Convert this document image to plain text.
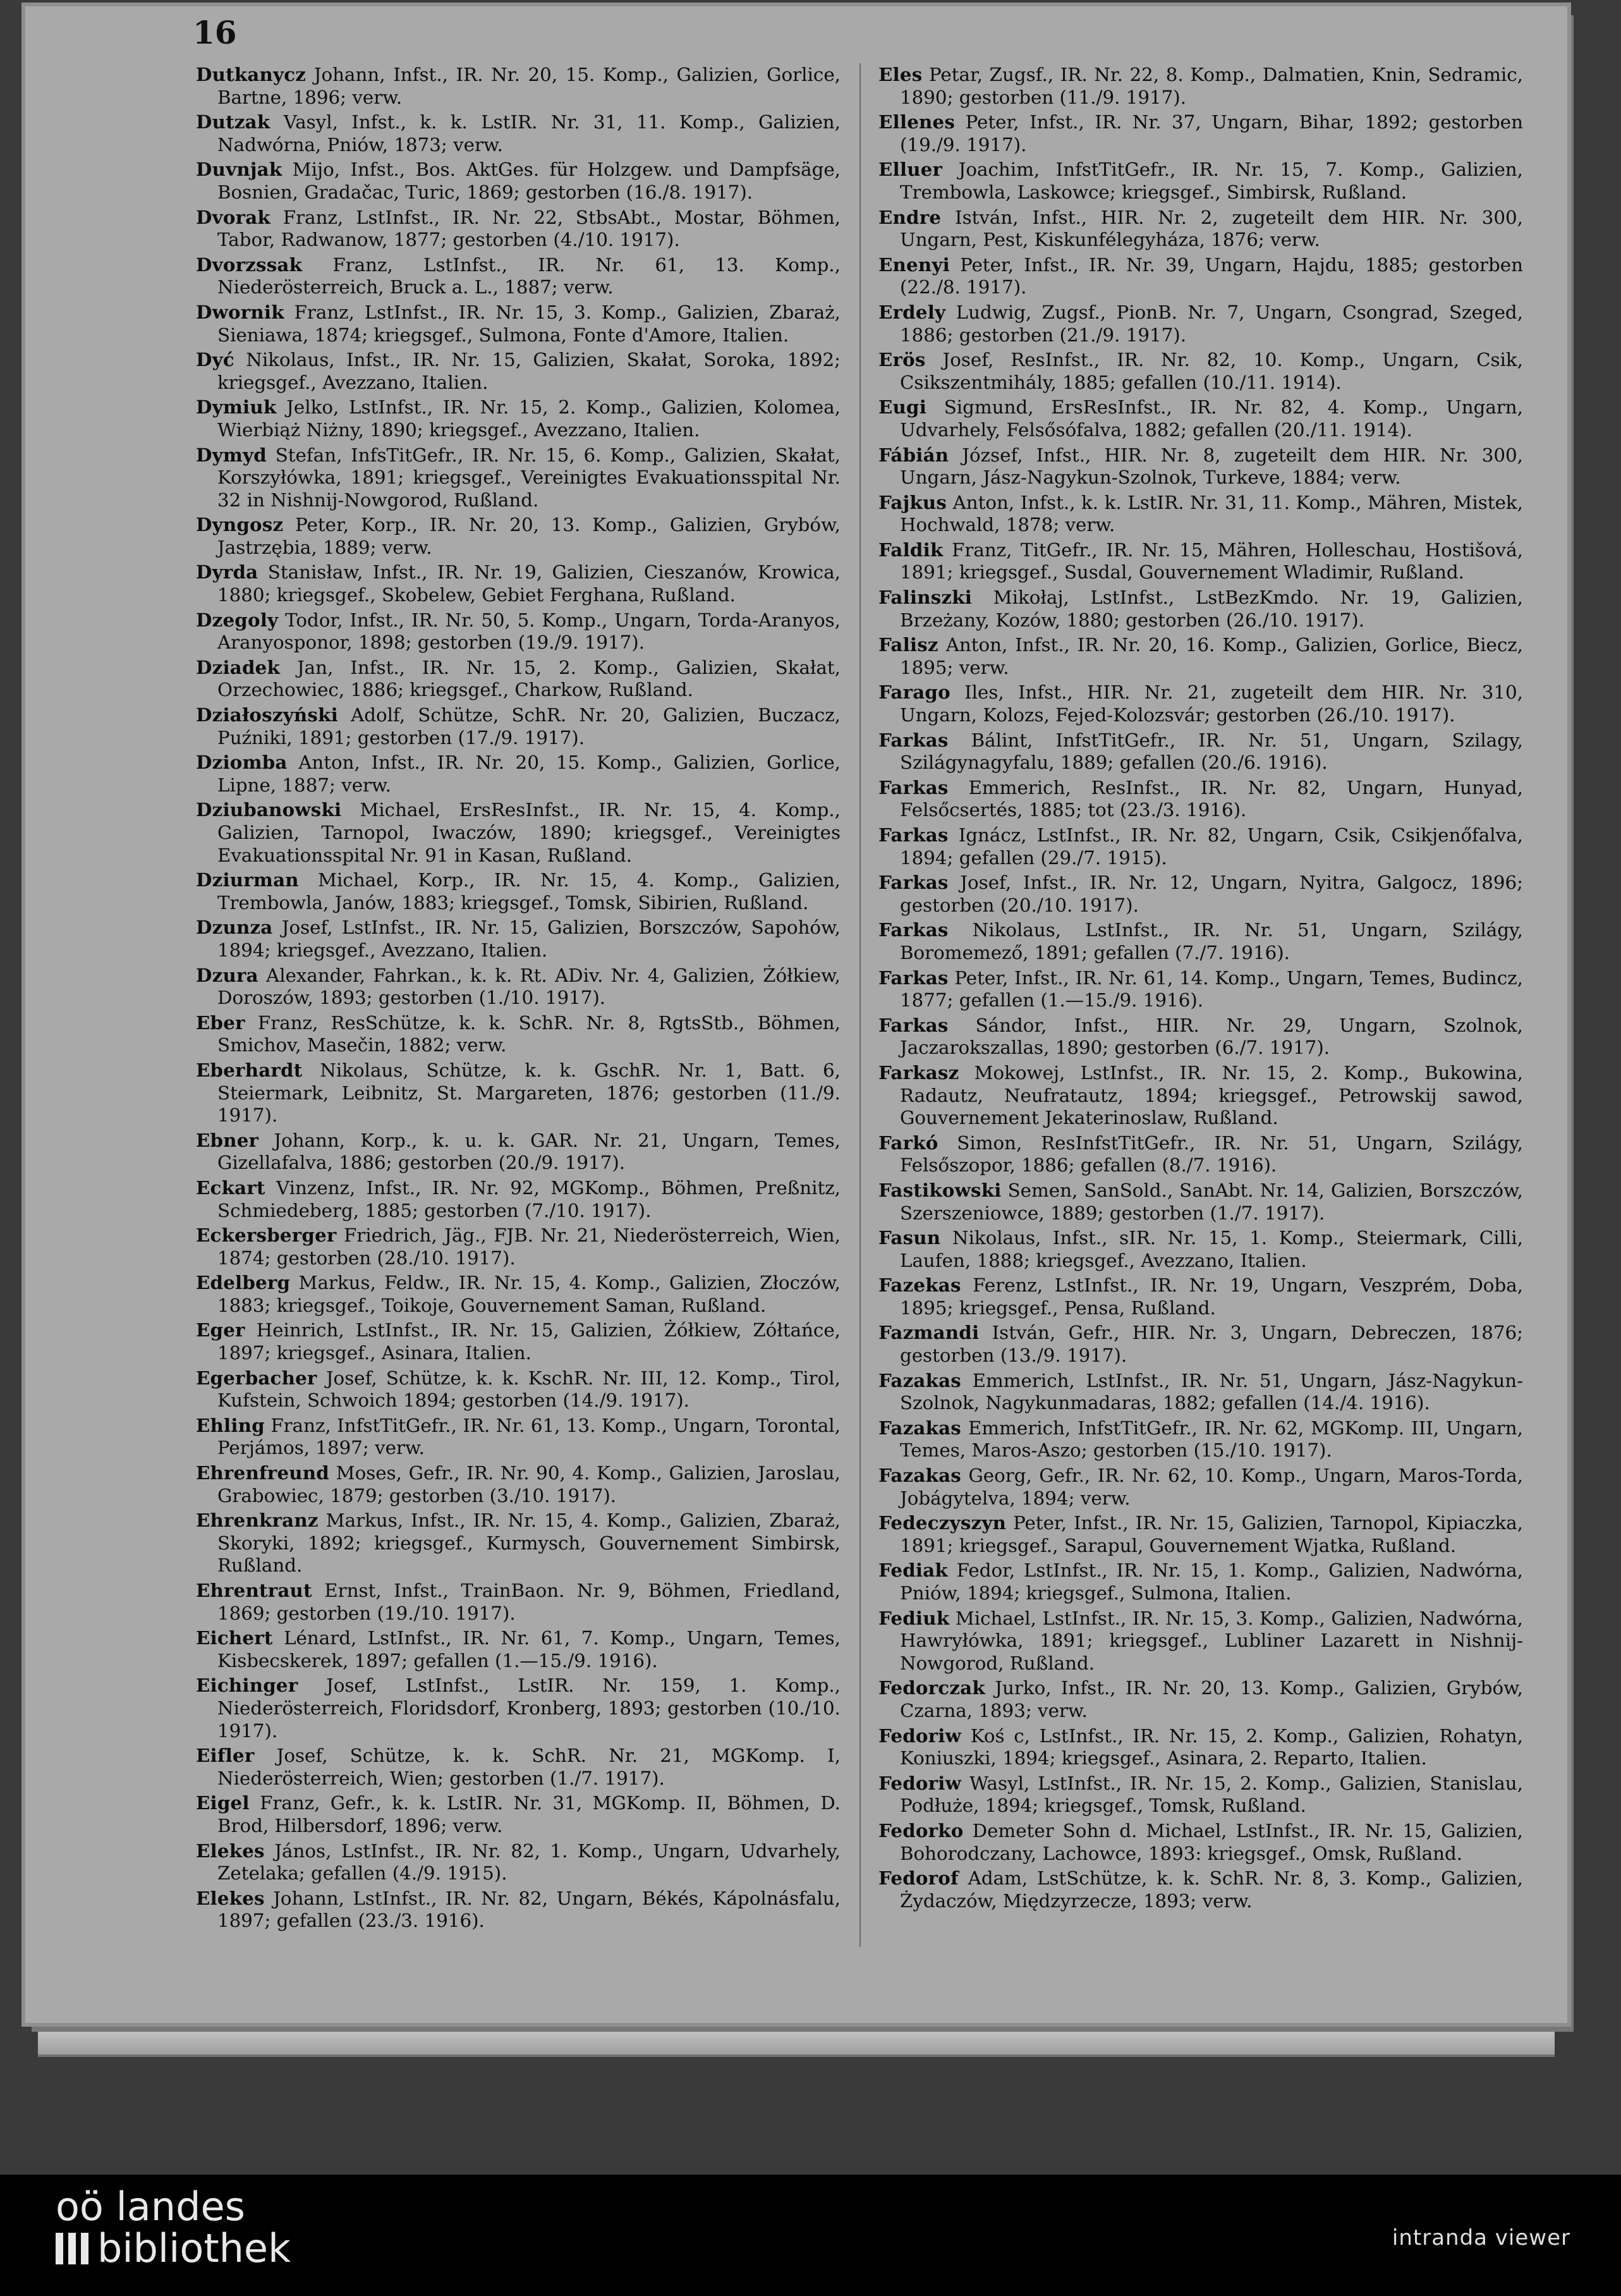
16
Dutkanycz Johann, Infst., IR. Nr. 20, 15. Komp., Galizien, Gorlice, Bartne, 1896; verw.
Dutzak Vasyl, Infst., k. k. LstIR. Nr. 31, 11. Komp., Galizien, Nadwórna, Pniów, 1873; verw.
Duvnjak Mijo, Infst., Bos. AktGes. für Holzgew. und Dampfsäge, Bosnien, Gradačac, Turic, 1869; gestorben (16./8. 1917).
Dvorak Franz, LstInfst., IR. Nr. 22, StbsAbt., Mostar, Böhmen, Tabor, Radwanow, 1877; gestorben (4./10. 1917).
Dvorzssak Franz, LstInfst., IR. Nr. 61, 13. Komp., Niederösterreich, Bruck a. L., 1887; verw.
Dwornik Franz, LstInfst., IR. Nr. 15, 3. Komp., Galizien, Zbaraż, Sieniawa, 1874; kriegsgef., Sulmona, Fonte d'Amore, Italien.
Dyć Nikolaus, Infst., IR. Nr. 15, Galizien, Skałat, Soroka, 1892; kriegsgef., Avezzano, Italien.
Dymiuk Jelko, LstInfst., IR. Nr. 15, 2. Komp., Galizien, Kolomea, Wierbiąż Niżny, 1890; kriegsgef., Avezzano, Italien.
Dymyd Stefan, InfsTitGefr., IR. Nr. 15, 6. Komp., Galizien, Skałat, Korszyłówka, 1891; kriegsgef., Vereinigtes Evakuationsspital Nr. 32 in Nishnij-Nowgorod, Rußland.
Dyngosz Peter, Korp., IR. Nr. 20, 13. Komp., Galizien, Grybów, Jastrzębia, 1889; verw.
Dyrda Stanisław, Infst., IR. Nr. 19, Galizien, Cieszanów, Krowica, 1880; kriegsgef., Skobelew, Gebiet Ferghana, Rußland.
Dzegoly Todor, Infst., IR. Nr. 50, 5. Komp., Ungarn, Torda-Aranyos, Aranyosponor, 1898; gestorben (19./9. 1917).
Dziadek Jan, Infst., IR. Nr. 15, 2. Komp., Galizien, Skałat, Orzechowiec, 1886; kriegsgef., Charkow, Rußland.
Działoszyński Adolf, Schütze, SchR. Nr. 20, Galizien, Buczacz, Puźniki, 1891; gestorben (17./9. 1917).
Dziomba Anton, Infst., IR. Nr. 20, 15. Komp., Galizien, Gorlice, Lipne, 1887; verw.
Dziubanowski Michael, ErsResInfst., IR. Nr. 15, 4. Komp., Galizien, Tarnopol, Iwaczów, 1890; kriegsgef., Vereinigtes Evakuationsspital Nr. 91 in Kasan, Rußland.
Dziurman Michael, Korp., IR. Nr. 15, 4. Komp., Galizien, Trembowla, Janów, 1883; kriegsgef., Tomsk, Sibirien, Rußland.
Dzunza Josef, LstInfst., IR. Nr. 15, Galizien, Borszczów, Sapohów, 1894; kriegsgef., Avezzano, Italien.
Dzura Alexander, Fahrkan., k. k. Rt. ADiv. Nr. 4, Galizien, Żółkiew, Doroszów, 1893; gestorben (1./10. 1917).
Eber Franz, ResSchütze, k. k. SchR. Nr. 8, RgtsStb., Böhmen, Smichov, Masečin, 1882; verw.
Eberhardt Nikolaus, Schütze, k. k. GschR. Nr. 1, Batt. 6, Steiermark, Leibnitz, St. Margareten, 1876; gestorben (11./9. 1917).
Ebner Johann, Korp., k. u. k. GAR. Nr. 21, Ungarn, Temes, Gizellafalva, 1886; gestorben (20./9. 1917).
Eckart Vinzenz, Infst., IR. Nr. 92, MGKomp., Böhmen, Preßnitz, Schmiedeberg, 1885; gestorben (7./10. 1917).
Eckersberger Friedrich, Jäg., FJB. Nr. 21, Niederösterreich, Wien, 1874; gestorben (28./10. 1917).
Edelberg Markus, Feldw., IR. Nr. 15, 4. Komp., Galizien, Złoczów, 1883; kriegsgef., Toikoje, Gouvernement Saman, Rußland.
Eger Heinrich, LstInfst., IR. Nr. 15, Galizien, Żółkiew, Zółtańce, 1897; kriegsgef., Asinara, Italien.
Egerbacher Josef, Schütze, k. k. KschR. Nr. III, 12. Komp., Tirol, Kufstein, Schwoich 1894; gestorben (14./9. 1917).
Ehling Franz, InfstTitGefr., IR. Nr. 61, 13. Komp., Ungarn, Torontal, Perjámos, 1897; verw.
Ehrenfreund Moses, Gefr., IR. Nr. 90, 4. Komp., Galizien, Jaroslau, Grabowiec, 1879; gestorben (3./10. 1917).
Ehrenkranz Markus, Infst., IR. Nr. 15, 4. Komp., Galizien, Zbaraż, Skoryki, 1892; kriegsgef., Kurmysch, Gouvernement Simbirsk, Rußland.
Ehrentraut Ernst, Infst., TrainBaon. Nr. 9, Böhmen, Friedland, 1869; gestorben (19./10. 1917).
Eichert Lénard, LstInfst., IR. Nr. 61, 7. Komp., Ungarn, Temes, Kisbecskerek, 1897; gefallen (1.—15./9. 1916).
Eichinger Josef, LstInfst., LstIR. Nr. 159, 1. Komp., Niederösterreich, Floridsdorf, Kronberg, 1893; gestorben (10./10. 1917).
Eifler Josef, Schütze, k. k. SchR. Nr. 21, MGKomp. I, Niederösterreich, Wien; gestorben (1./7. 1917).
Eigel Franz, Gefr., k. k. LstIR. Nr. 31, MGKomp. II, Böhmen, D. Brod, Hilbersdorf, 1896; verw.
Elekes János, LstInfst., IR. Nr. 82, 1. Komp., Ungarn, Udvarhely, Zetelaka; gefallen (4./9. 1915).
Elekes Johann, LstInfst., IR. Nr. 82, Ungarn, Békés, Kápolnásfalu, 1897; gefallen (23./3. 1916).
Eles Petar, Zugsf., IR. Nr. 22, 8. Komp., Dalmatien, Knin, Sedramic, 1890; gestorben (11./9. 1917).
Ellenes Peter, Infst., IR. Nr. 37, Ungarn, Bihar, 1892; gestorben (19./9. 1917).
Elluer Joachim, InfstTitGefr., IR. Nr. 15, 7. Komp., Galizien, Trembowla, Laskowce; kriegsgef., Simbirsk, Rußland.
Endre István, Infst., HIR. Nr. 2, zugeteilt dem HIR. Nr. 300, Ungarn, Pest, Kiskunfélegyháza, 1876; verw.
Enenyi Peter, Infst., IR. Nr. 39, Ungarn, Hajdu, 1885; gestorben (22./8. 1917).
Erdely Ludwig, Zugsf., PionB. Nr. 7, Ungarn, Csongrad, Szeged, 1886; gestorben (21./9. 1917).
Erös Josef, ResInfst., IR. Nr. 82, 10. Komp., Ungarn, Csik, Csikszentmihály, 1885; gefallen (10./11. 1914).
Eugi Sigmund, ErsResInfst., IR. Nr. 82, 4. Komp., Ungarn, Udvarhely, Felsősófalva, 1882; gefallen (20./11. 1914).
Fábián József, Infst., HIR. Nr. 8, zugeteilt dem HIR. Nr. 300, Ungarn, Jász-Nagykun-Szolnok, Turkeve, 1884; verw.
Fajkus Anton, Infst., k. k. LstIR. Nr. 31, 11. Komp., Mähren, Mistek, Hochwald, 1878; verw.
Faldik Franz, TitGefr., IR. Nr. 15, Mähren, Holleschau, Hostišová, 1891; kriegsgef., Susdal, Gouvernement Wladimir, Rußland.
Falinszki Mikołaj, LstInfst., LstBezKmdo. Nr. 19, Galizien, Brzeżany, Kozów, 1880; gestorben (26./10. 1917).
Falisz Anton, Infst., IR. Nr. 20, 16. Komp., Galizien, Gorlice, Biecz, 1895; verw.
Farago Iles, Infst., HIR. Nr. 21, zugeteilt dem HIR. Nr. 310, Ungarn, Kolozs, Fejed-Kolozsvár; gestorben (26./10. 1917).
Farkas Bálint, InfstTitGefr., IR. Nr. 51, Ungarn, Szilagy, Szilágynagyfalu, 1889; gefallen (20./6. 1916).
Farkas Emmerich, ResInfst., IR. Nr. 82, Ungarn, Hunyad, Felsőcsertés, 1885; tot (23./3. 1916).
Farkas Ignácz, LstInfst., IR. Nr. 82, Ungarn, Csik, Csikjenőfalva, 1894; gefallen (29./7. 1915).
Farkas Josef, Infst., IR. Nr. 12, Ungarn, Nyitra, Galgocz, 1896; gestorben (20./10. 1917).
Farkas Nikolaus, LstInfst., IR. Nr. 51, Ungarn, Szilágy, Boromemező, 1891; gefallen (7./7. 1916).
Farkas Peter, Infst., IR. Nr. 61, 14. Komp., Ungarn, Temes, Budincz, 1877; gefallen (1.—15./9. 1916).
Farkas Sándor, Infst., HIR. Nr. 29, Ungarn, Szolnok, Jaczarokszallas, 1890; gestorben (6./7. 1917).
Farkasz Mokowej, LstInfst., IR. Nr. 15, 2. Komp., Bukowina, Radautz, Neufratautz, 1894; kriegsgef., Petrowskij sawod, Gouvernement Jekaterinoslaw, Rußland.
Farkó Simon, ResInfstTitGefr., IR. Nr. 51, Ungarn, Szilágy, Felsőszopor, 1886; gefallen (8./7. 1916).
Fastikowski Semen, SanSold., SanAbt. Nr. 14, Galizien, Borszczów, Szerszeniowce, 1889; gestorben (1./7. 1917).
Fasun Nikolaus, Infst., sIR. Nr. 15, 1. Komp., Steiermark, Cilli, Laufen, 1888; kriegsgef., Avezzano, Italien.
Fazekas Ferenz, LstInfst., IR. Nr. 19, Ungarn, Veszprém, Doba, 1895; kriegsgef., Pensa, Rußland.
Fazmandi István, Gefr., HIR. Nr. 3, Ungarn, Debreczen, 1876; gestorben (13./9. 1917).
Fazakas Emmerich, LstInfst., IR. Nr. 51, Ungarn, Jász-Nagykun-Szolnok, Nagykunmadaras, 1882; gefallen (14./4. 1916).
Fazakas Emmerich, InfstTitGefr., IR. Nr. 62, MGKomp. III, Ungarn, Temes, Maros-Aszo; gestorben (15./10. 1917).
Fazakas Georg, Gefr., IR. Nr. 62, 10. Komp., Ungarn, Maros-Torda, Jobágytelva, 1894; verw.
Fedeczyszyn Peter, Infst., IR. Nr. 15, Galizien, Tarnopol, Kipiaczka, 1891; kriegsgef., Sarapul, Gouvernement Wjatka, Rußland.
Fediak Fedor, LstInfst., IR. Nr. 15, 1. Komp., Galizien, Nadwórna, Pniów, 1894; kriegsgef., Sulmona, Italien.
Fediuk Michael, LstInfst., IR. Nr. 15, 3. Komp., Galizien, Nadwórna, Hawryłówka, 1891; kriegsgef., Lubliner Lazarett in Nishnij-Nowgorod, Rußland.
Fedorczak Jurko, Infst., IR. Nr. 20, 13. Komp., Galizien, Grybów, Czarna, 1893; verw.
Fedoriw Koś c, LstInfst., IR. Nr. 15, 2. Komp., Galizien, Rohatyn, Koniuszki, 1894; kriegsgef., Asinara, 2. Reparto, Italien.
Fedoriw Wasyl, LstInfst., IR. Nr. 15, 2. Komp., Galizien, Stanislau, Podłuże, 1894; kriegsgef., Tomsk, Rußland.
Fedorko Demeter Sohn d. Michael, LstInfst., IR. Nr. 15, Galizien, Bohorodczany, Lachowce, 1893: kriegsgef., Omsk, Rußland.
Fedorof Adam, LstSchütze, k. k. SchR. Nr. 8, 3. Komp., Galizien, Żydaczów, Międzyrzecze, 1893; verw.
oö landes
bibliothek	intranda viewer
